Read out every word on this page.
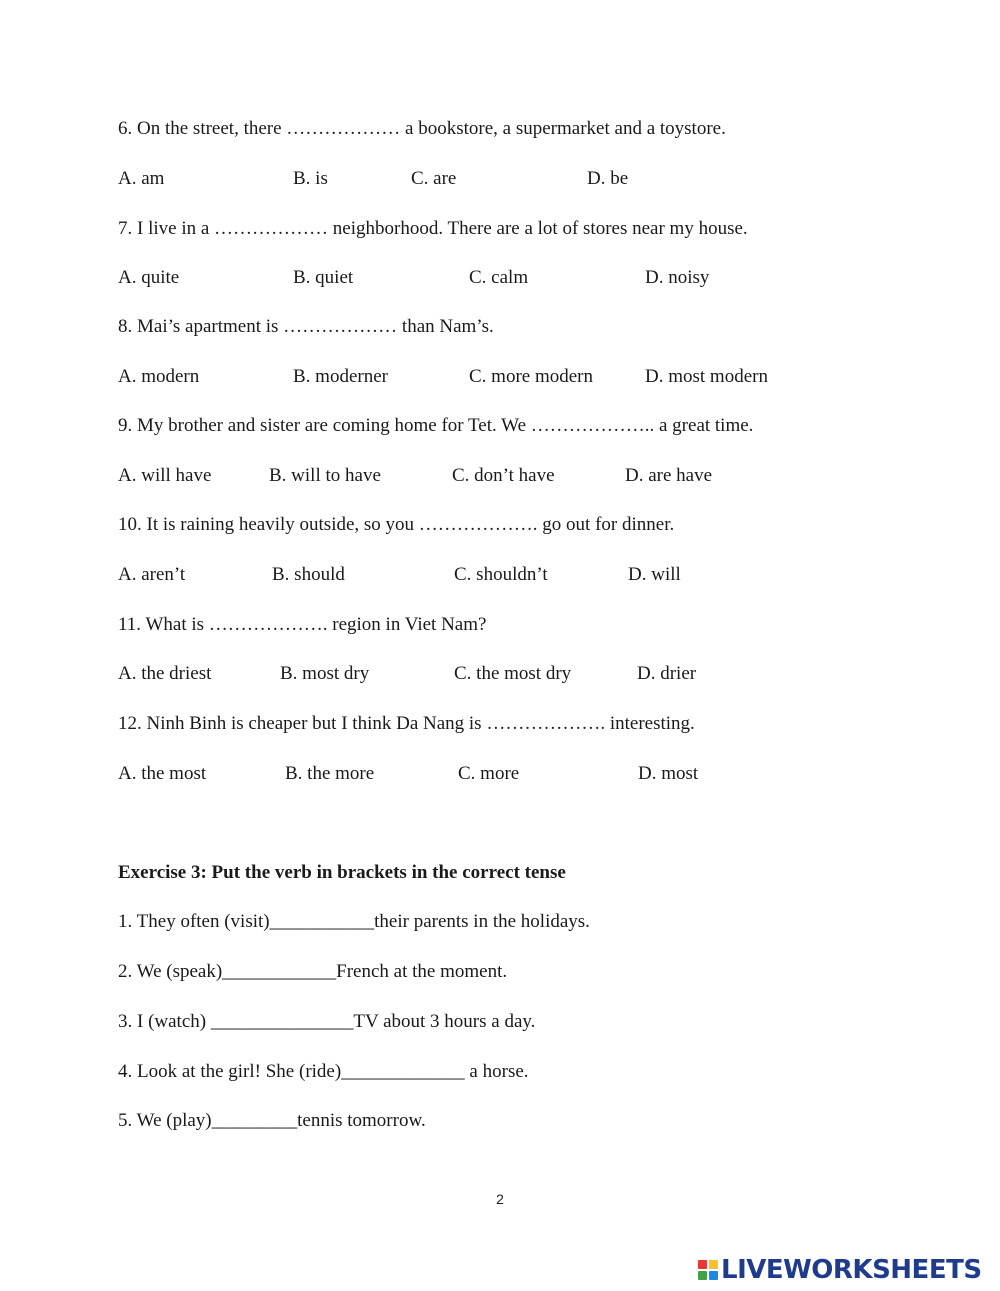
6. On the street, there ……………… a bookstore, a supermarket and a toystore.
A. am	B. is	C. are	D. be
7. I live in a ……………… neighborhood. There are a lot of stores near my house.
A. quite	B. quiet	C. calm	D. noisy
8. Mai’s apartment is ……………… than Nam’s.
A. modern	B. moderner	C. more modern	D. most modern
9. My brother and sister are coming home for Tet. We ……………….. a great time.
A. will have	B. will to have	C. don’t have	D. are have
10. It is raining heavily outside, so you ………………. go out for dinner.
A. aren’t	B. should	C. shouldn’t	D. will
11. What is ………………. region in Viet Nam?
A. the driest	B. most dry	C. the most dry	D. drier
12. Ninh Binh is cheaper but I think Da Nang is ………………. interesting.
A. the most	B. the more	C. more	D. most
Exercise 3: Put the verb in brackets in the correct tense
1. They often (visit)___________their parents in the holidays.
2. We (speak)____________French at the moment.
3. I (watch) _______________TV about 3 hours a day.
4. Look at the girl! She (ride)_____________ a horse.
5. We (play)_________tennis tomorrow.
2
LIVEWORKSHEETS
